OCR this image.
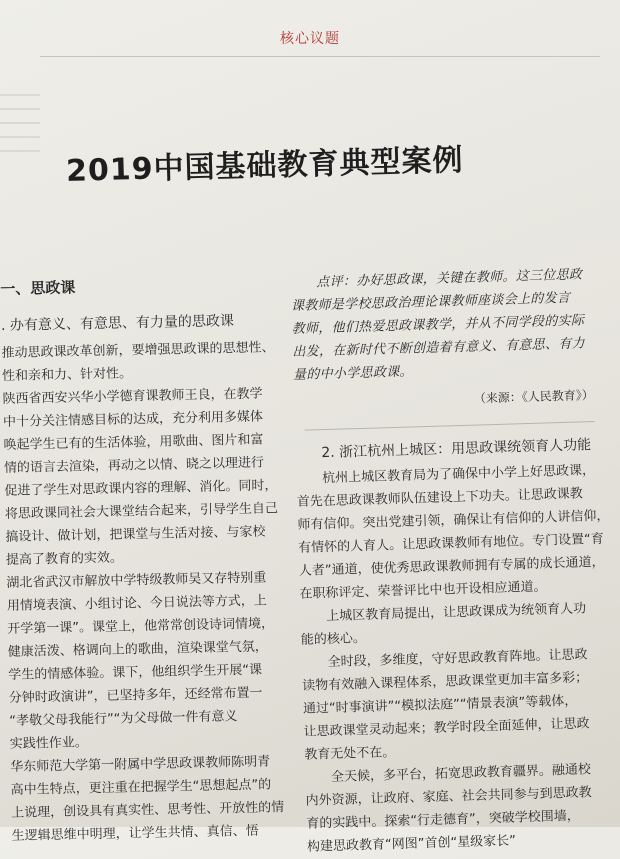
核心议题
2019中国基础教育典型案例

一、思政课

. 办有意义、有意思、有力量的思政课

推动思政课改革创新，要增强思政课的思想性、

性和亲和力、针对性。

陕西省西安兴华小学德育课教师王良，在教学

中十分关注情感目标的达成，充分利用多媒体

唤起学生已有的生活体验，用歌曲、图片和富

情的语言去渲染，再动之以情、晓之以理进行

促进了学生对思政课内容的理解、消化。同时，

将思政课同社会大课堂结合起来，引导学生自己

搞设计、做计划，把课堂与生活对接、与家校

提高了教育的实效。

湖北省武汉市解放中学特级教师吴又存特别重

用情境表演、小组讨论、今日说法等方式，上

开学第一课”。课堂上，他常常创设诗词情境，

健康活泼、格调向上的歌曲，渲染课堂气氛，

学生的情感体验。课下，他组织学生开展“课

分钟时政演讲”，已坚持多年，还经常布置一

“孝敬父母我能行”“为父母做一件有意义

实践性作业。

华东师范大学第一附属中学思政课教师陈明青

高中生特点，更注重在把握学生“思想起点”的

上说理，创设具有真实性、思考性、开放性的情

生逻辑思维中明理，让学生共情、真信、悟

点评：办好思政课，关键在教师。这三位思政

课教师是学校思政治理论课教师座谈会上的发言

教师，他们热爱思政课教学，并从不同学段的实际

出发，在新时代不断创造着有意义、有意思、有力

量的中小学思政课。

（来源：《人民教育》）

2. 浙江杭州上城区：用思政课统领育人功能

杭州上城区教育局为了确保中小学上好思政课，

首先在思政课教师队伍建设上下功夫。让思政课教

师有信仰。突出党建引领，确保让有信仰的人讲信仰，

有情怀的人育人。让思政课教师有地位。专门设置“育

人者”通道，使优秀思政课教师拥有专属的成长通道，

在职称评定、荣誉评比中也开设相应通道。

上城区教育局提出，让思政课成为统领育人功

能的核心。

全时段，多维度，守好思政教育阵地。让思政

读物有效融入课程体系，思政课堂更加丰富多彩；

通过“时事演讲”“模拟法庭”“情景表演”等载体，

让思政课堂灵动起来；教学时段全面延伸，让思政

教育无处不在。

全天候，多平台，拓宽思政教育疆界。融通校

内外资源，让政府、家庭、社会共同参与到思政教

育的实践中。探索“行走德育”，突破学校围墙，

构建思政教育“网图”首创“星级家长”
